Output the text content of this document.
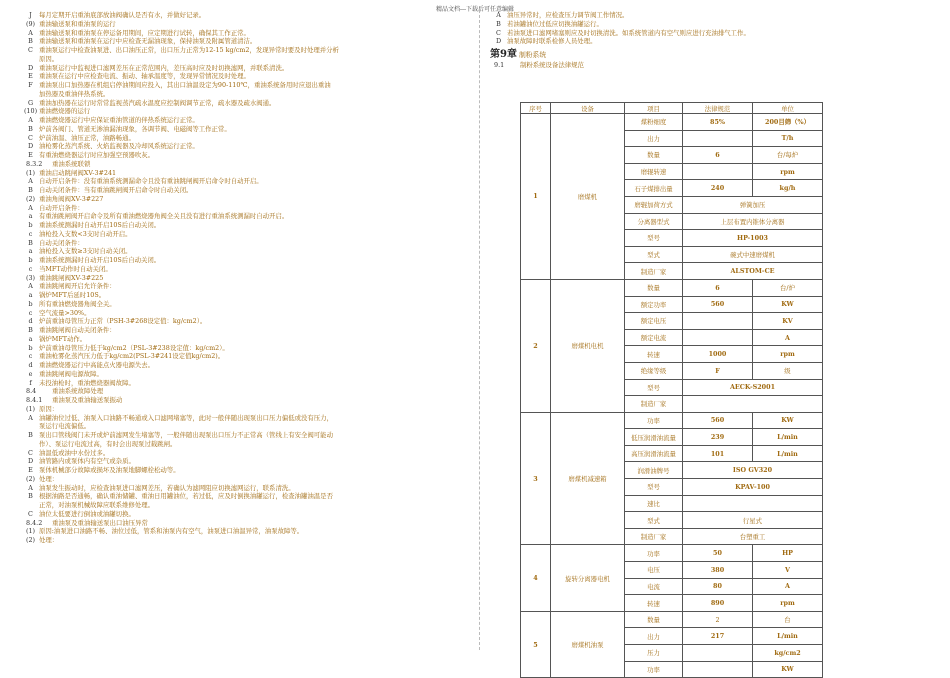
精品文档---下载后可任意编辑
J 每月定期开启重油底部放油阀确认是否有水，并做好记录。
(9) 重油输送泵和重油泵的运行
A 重油输送泵和重油泵在停运备用期间，应定期进行试转，确保其工作正常。
B 重油输送泵和重油泵在运行中应检查无漏油现象，保持油泵及附属管道清洁。
C 重油泵运行中检查油泵进、出口油压正常，出口压力正常为12-15 kg/cm2，发现异常时要及时处理并分析
原因。
D 重油泵运行中监视进口滤网差压在正常范围内，差压高时应及时切换滤网，并联系清洗。
E 重油泵在运行中应检查电流、振动、轴承温度等，发现异常情况及时处理。
F 重油泵出口加热器在机组启停油期间应投入，其出口油温设定为90-110℃，重油系统备用时应退出重油
加热器及重油伴热系统。
G 重油加热器在运行时常常监视蒸汽疏水温度应控制阀调节正常，疏水器及疏水阀通。
(10) 重油燃烧器的运行
A 重油燃烧器运行中应保证重油管道的伴热系统运行正常。
B 炉前各阀门、管道无渗油漏油现象，各调节阀、电磁阀等工作正常。
C 炉前油温、油压正常，油路畅通。
D 油枪雾化蒸汽系统、火焰监视器及冷却风系统运行正常。
E 有重油燃烧器运行时应加强空预器吹灰。
8.3.2 重油系统联锁
(1) 重油启动跳闸阀XV-3#241
A 自动开启条件：没有重油系统测漏命令且没有重油跳闸阀开启命令时自动开启。
B 自动关闭条件：当有重油跳闸阀开启命令时自动关闭。
(2) 重油角阀阀XV-3#227
A 自动开启条件：
a 有重油跳闸阀开启命令及所有重油燃烧器角阀全关且没有进行重油系统测漏时自动开启。
b 重油系统测漏时自动开启10S后自动关闭。
c 油枪投入支数<3支时自动开启。
B 自动关闭条件：
a 油枪投入支数≥3支时自动关闭。
b 重油系统测漏时自动开启10S后自动关闭。
c 当MFT动作时自动关闭。
(3) 重油跳闸阀XV-3#225
A 重油跳闸阀开启允许条件：
a 锅炉MFT后延时10S。
b 所有重油燃烧器角阀全关。
c 空气流量>30%。
d 炉前重油母管压力正常（PSH-3#268设定值：kg/cm2）。
B 重油跳闸阀自动关闭条件：
a 锅炉MFT动作。
b 炉前重油母管压力低于kg/cm2（PSL-3#238设定值：kg/cm2）。
c 重油枪雾化蒸汽压力低于kg/cm2(PSL-3#241设定值kg/cm2)。
d 重油燃烧器运行中高能点火器电源失去。
e 重油跳闸阀电源故障。
f 未投油枪时，重油燃烧器阀故障。
8.4 重油系统故障处理
8.4.1 重油泵及重油输送泵振动
(1) 原因：
A 油罐油位过低、油泵入口油路不畅通或入口滤网堵塞等，此时一般伴随出现泵出口压力偏低或没有压力，
泵运行电流偏低。
B 泵出口管线阀门未开或炉前滤网发生堵塞等，一般伴随出现泵出口压力不正常高（管线上有安全阀可能动
作）、泵运行电流过高，有时会出现泵过载跳闸。
C 油温低或油中水份过多。
D 油管路内或泵体内有空气或杂质。
E 泵体机械部分故障或损坏及油泵地脚螺栓松动等。
(2) 处理：
A 油泵发生振动时，应检查油泵进口滤网差压，若确认为滤网阻应切换滤网运行，联系清洗。
B 根据油路是否通畅，确认重油储罐、重油日用罐油位，若过低，应及时倒换油罐运行，检查油罐油温是否
正常，对油泵机械故障应联系维修处理。
C 油位太低要进行倒油或油罐切换。
8.4.2 重油泵及重油输送泵出口油压异常
(1) 原因:油泵进口油路不畅、油位过低，管系和油泵内有空气，油泵进口油温异常，油泵故障等。
(2) 处理：
A 油压异常时，应检查压力调节阀工作情况。
B 若油罐油位过低应切换油罐运行。
C 若油泵进口滤网堵塞则应及时切换清洗。如系统管道内有空气则应进行充油排气工作。
D 油泵故障时联系检修人员处理。
第9章 制粉系统
9.1 制粉系统设备法律规范
序号	设备	项目	法律规范	单位
1	磨煤机	煤粉细度	85%	200目筛（%）
		出力		T/h
		数量	6	台/每炉
		磨辊转速		rpm
		石子煤排出量	240	kg/h
		磨辊加荷方式	弹簧加压	
		分离器型式	上层布置内锥体分离器	
		型号	HP-1003	
		型式	碗式中速磨煤机	
		制造厂家	ALSTOM-CE	
2	磨煤机电机	数量	6	台/炉
		额定功率	560	KW
		额定电压		KV
		额定电流		A
		转速	1000	rpm
		绝缘等级	F	级
		型号	AECK-S2001	
		制造厂家		
3	磨煤机减速箱	功率	560	KW
		低压润滑油流量	239	L/min
		高压润滑油流量	101	L/min
		润滑油牌号	ISO GV320	
		型号	KPAV-100	
		速比		
		型式	行星式	
		制造厂家	台塑重工	
4	旋转分离器电机	功率	50	HP
		电压	380	V
		电流	80	A
		转速	890	rpm
5	磨煤机油泵	数量	2	台
		出力	217	L/min
		压力		kg/cm2
		功率		KW
